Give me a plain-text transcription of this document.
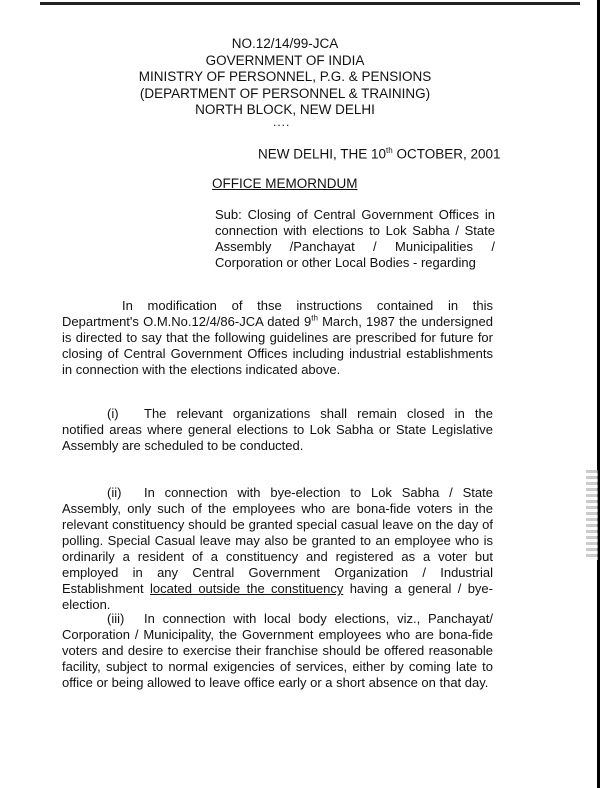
NO.12/14/99-JCA
GOVERNMENT OF INDIA
MINISTRY OF PERSONNEL, P.G. & PENSIONS
(DEPARTMENT OF PERSONNEL & TRAINING)
NORTH BLOCK, NEW DELHI
....
NEW DELHI, THE 10th OCTOBER, 2001
OFFICE MEMORNDUM
Sub: Closing of Central Government Offices in connection with elections to Lok Sabha / State Assembly /Panchayat / Municipalities / Corporation or other Local Bodies - regarding
In modification of thse instructions contained in this Department's O.M.No.12/4/86-JCA dated 9th March, 1987 the undersigned is directed to say that the following guidelines are prescribed for future for closing of Central Government Offices including industrial establishments in connection with the elections indicated above.
(i) The relevant organizations shall remain closed in the notified areas where general elections to Lok Sabha or State Legislative Assembly are scheduled to be conducted.
(ii) In connection with bye-election to Lok Sabha / State Assembly, only such of the employees who are bona-fide voters in the relevant constituency should be granted special casual leave on the day of polling. Special Casual leave may also be granted to an employee who is ordinarily a resident of a constituency and registered as a voter but employed in any Central Government Organization / Industrial Establishment located outside the constituency having a general / bye-election.
(iii) In connection with local body elections, viz., Panchayat/ Corporation / Municipality, the Government employees who are bona-fide voters and desire to exercise their franchise should be offered reasonable facility, subject to normal exigencies of services, either by coming late to office or being allowed to leave office early or a short absence on that day.
